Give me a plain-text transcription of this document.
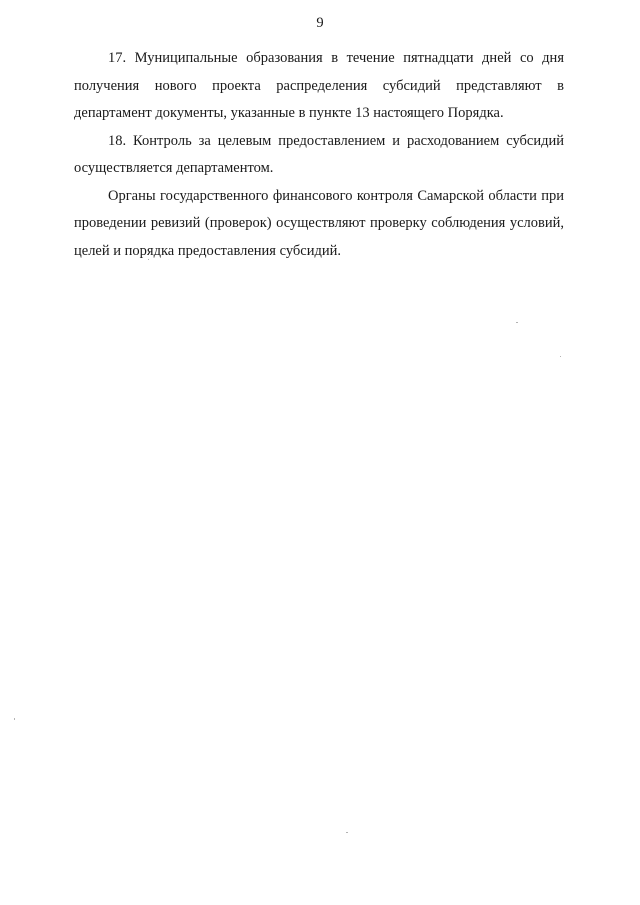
9

17. Муниципальные образования в течение пятнадцати дней со дня получения нового проекта распределения субсидий представляют в департамент документы, указанные в пункте 13 настоящего Порядка.

18. Контроль за целевым предоставлением и расходованием субсидий осуществляется департаментом.

Органы государственного финансового контроля Самарской области при проведении ревизий (проверок) осуществляют проверку соблюдения условий, целей и порядка предоставления субсидий.
